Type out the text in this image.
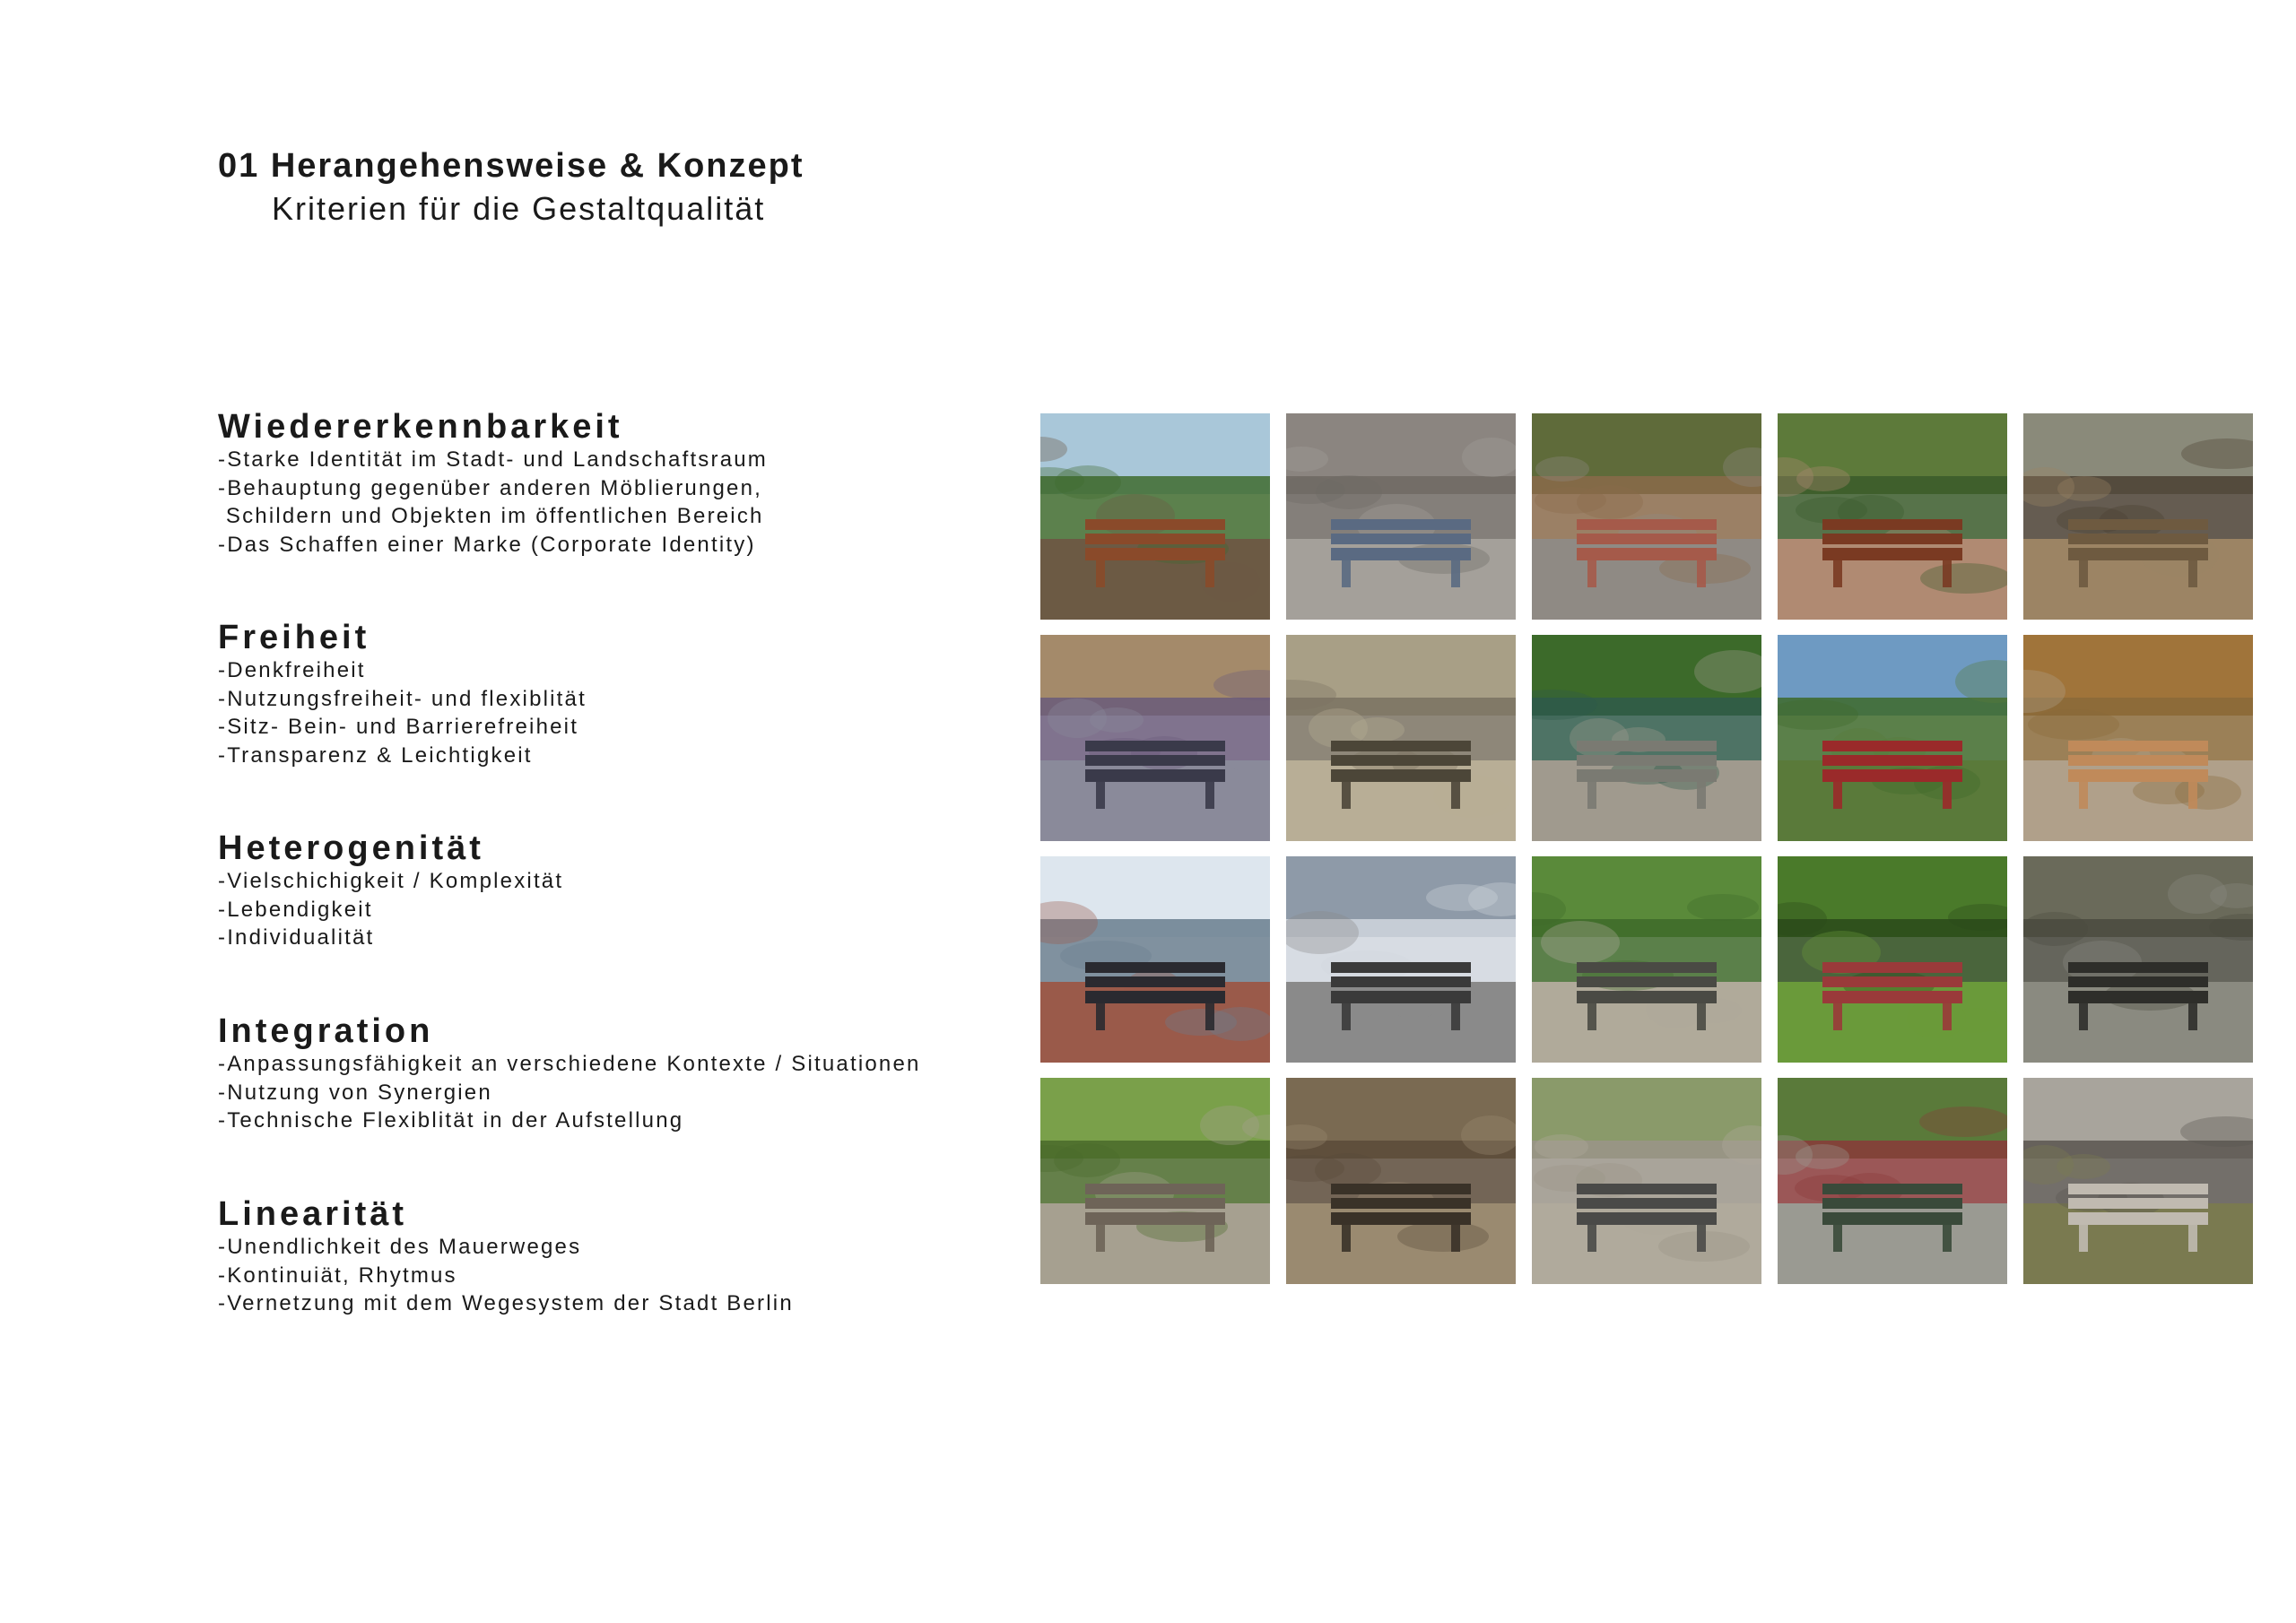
01 Herangehensweise & Konzept

Kriterien für die Gestaltqualität

Wiedererkennbarkeit

-Starke Identität im Stadt- und Landschaftsraum
-Behauptung gegenüber anderen Möblierungen,
Schildern und Objekten im öffentlichen Bereich
-Das Schaffen einer Marke (Corporate Identity)

Freiheit

-Denkfreiheit
-Nutzungsfreiheit- und flexiblität
-Sitz- Bein- und Barrierefreiheit
-Transparenz & Leichtigkeit

Heterogenität

-Vielschichigkeit / Komplexität
-Lebendigkeit
-Individualität

Integration

-Anpassungsfähigkeit an verschiedene Kontexte / Situationen
-Nutzung von Synergien
-Technische Flexiblität in der Aufstellung

Linearität

-Unendlichkeit des Mauerweges
-Kontinuiät, Rhytmus
-Vernetzung mit dem Wegesystem der Stadt Berlin
